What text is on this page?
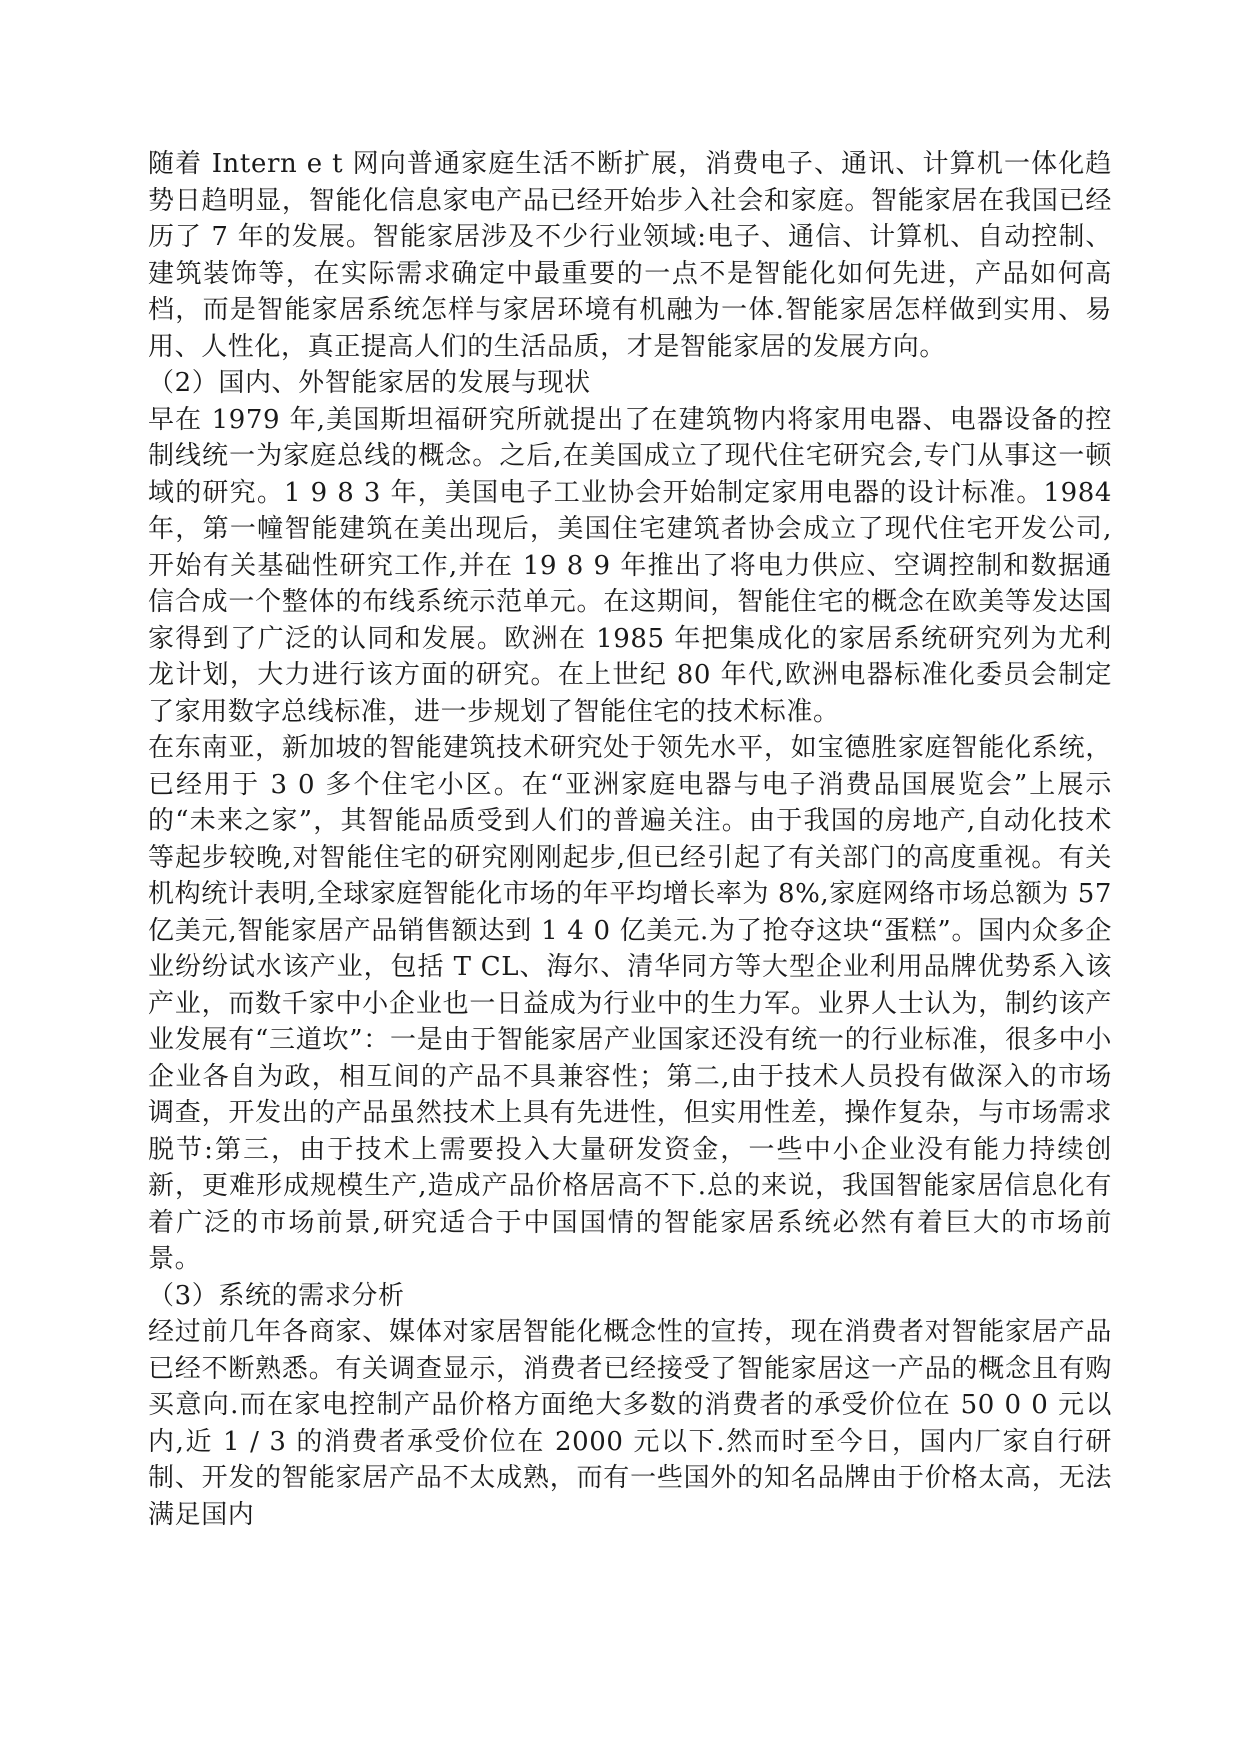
随着 Intern e t 网向普通家庭生活不断扩展，消费电子、通讯、计算机一体化趋势日趋明显，智能化信息家电产品已经开始步入社会和家庭。智能家居在我国已经历了 7 年的发展。智能家居涉及不少行业领域:电子、通信、计算机、自动控制、建筑装饰等，在实际需求确定中最重要的一点不是智能化如何先进，产品如何高档，而是智能家居系统怎样与家居环境有机融为一体.智能家居怎样做到实用、易用、人性化，真正提高人们的生活品质，才是智能家居的发展方向。

（2）国内、外智能家居的发展与现状

早在 1979 年,美国斯坦福研究所就提出了在建筑物内将家用电器、电器设备的控制线统一为家庭总线的概念。之后,在美国成立了现代住宅研究会,专门从事这一顿域的研究。1 9 8 3 年，美国电子工业协会开始制定家用电器的设计标准。1984 年，第一幢智能建筑在美出现后，美国住宅建筑者协会成立了现代住宅开发公司,开始有关基础性研究工作,并在 19 8 9 年推出了将电力供应、空调控制和数据通信合成一个整体的布线系统示范单元。在这期间，智能住宅的概念在欧美等发达国家得到了广泛的认同和发展。欧洲在 1985 年把集成化的家居系统研究列为尤利龙计划，大力进行该方面的研究。在上世纪 80 年代,欧洲电器标准化委员会制定了家用数字总线标准，进一步规划了智能住宅的技术标准。

在东南亚，新加坡的智能建筑技术研究处于领先水平，如宝德胜家庭智能化系统，已经用于 3 0 多个住宅小区。在“亚洲家庭电器与电子消费品国展览会”上展示的“未来之家”，其智能品质受到人们的普遍关注。由于我国的房地产,自动化技术等起步较晚,对智能住宅的研究刚刚起步,但已经引起了有关部门的高度重视。有关机构统计表明,全球家庭智能化市场的年平均增长率为 8%,家庭网络市场总额为 57亿美元,智能家居产品销售额达到 1 4 0 亿美元.为了抢夺这块“蛋糕”。国内众多企业纷纷试水该产业，包括 T CL、海尔、清华同方等大型企业利用品牌优势系入该产业，而数千家中小企业也一日益成为行业中的生力军。业界人士认为，制约该产业发展有“三道坎”：一是由于智能家居产业国家还没有统一的行业标准，很多中小企业各自为政，相互间的产品不具兼容性；第二,由于技术人员投有做深入的市场调查，开发出的产品虽然技术上具有先进性，但实用性差，操作复杂，与市场需求脱节:第三，由于技术上需要投入大量研发资金，一些中小企业没有能力持续创新，更难形成规模生产,造成产品价格居高不下.总的来说，我国智能家居信息化有着广泛的市场前景,研究适合于中国国情的智能家居系统必然有着巨大的市场前景。

（3）系统的需求分析

经过前几年各商家、媒体对家居智能化概念性的宣抟，现在消费者对智能家居产品已经不断熟悉。有关调查显示，消费者已经接受了智能家居这一产品的概念且有购买意向.而在家电控制产品价格方面绝大多数的消费者的承受价位在 50 0 0 元以内,近 1 / 3 的消费者承受价位在 2000 元以下.然而时至今日，国内厂家自行研制、开发的智能家居产品不太成熟，而有一些国外的知名品牌由于价格太高，无法满足国内
